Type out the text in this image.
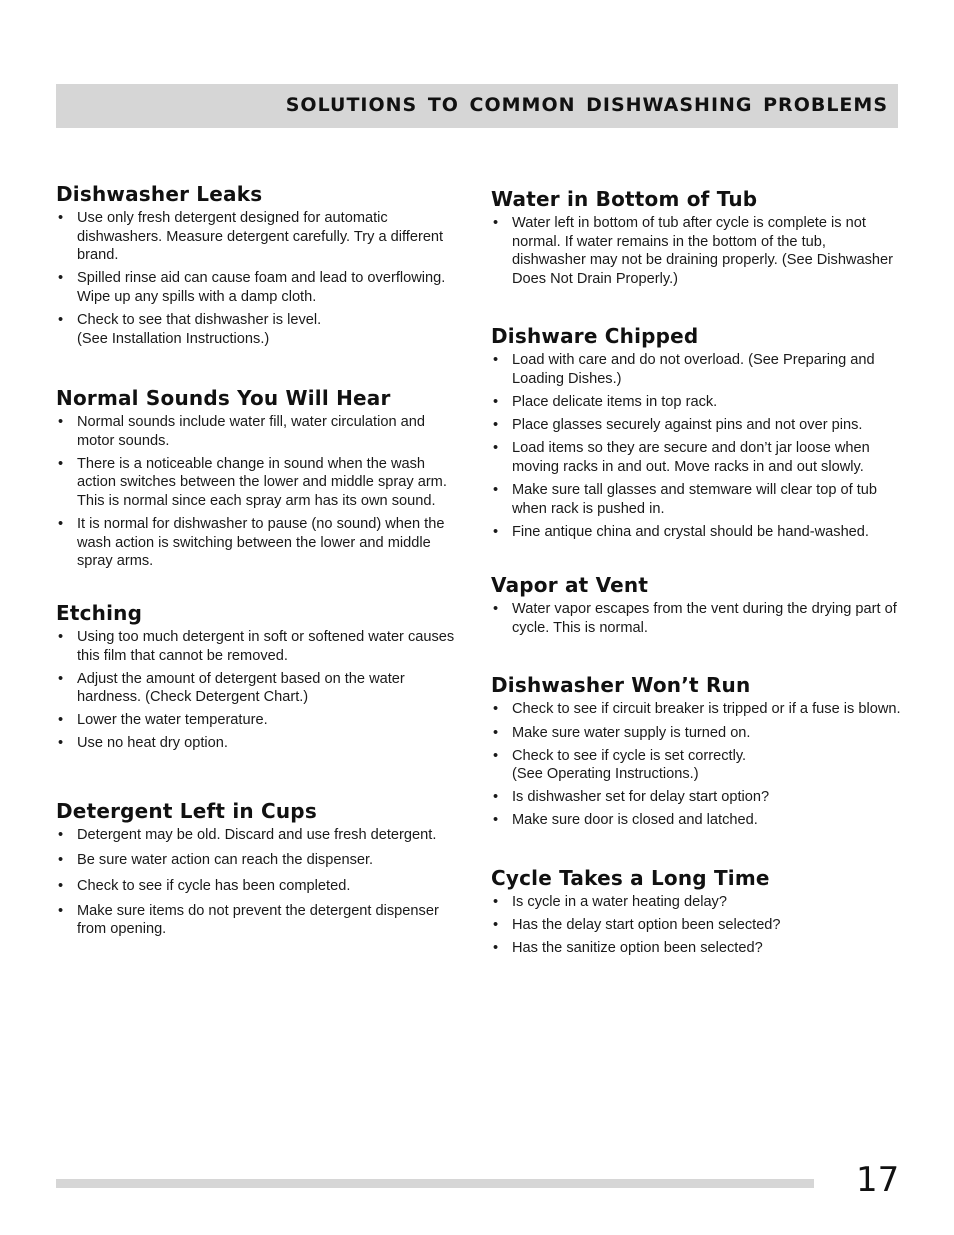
SOLUTIONS TO COMMON DISHWASHING PROBLEMS
Dishwasher Leaks
• Use only fresh detergent designed for automatic dishwashers. Measure detergent carefully. Try a different brand.
• Spilled rinse aid can cause foam and lead to overflowing. Wipe up any spills with a damp cloth.
• Check to see that dishwasher is level.
(See Installation Instructions.)
Normal Sounds You Will Hear
• Normal sounds include water fill, water circulation and motor sounds.
• There is a noticeable change in sound when the wash action switches between the lower and middle spray arm. This is normal since each spray arm has its own sound.
• It is normal for dishwasher to pause (no sound) when the wash action is switching between the lower and middle spray arms.
Etching
• Using too much detergent in soft or softened water causes this film that cannot be removed.
• Adjust the amount of detergent based on the water hardness. (Check Detergent Chart.)
• Lower the water temperature.
• Use no heat dry option.
Detergent Left in Cups
• Detergent may be old. Discard and use fresh detergent.
• Be sure water action can reach the dispenser.
• Check to see if cycle has been completed.
• Make sure items do not prevent the detergent dispenser from opening.
Water in Bottom of Tub
• Water left in bottom of tub after cycle is complete is not normal. If water remains in the bottom of the tub, dishwasher may not be draining properly. (See Dishwasher Does Not Drain Properly.)
Dishware Chipped
• Load with care and do not overload. (See Preparing and Loading Dishes.)
• Place delicate items in top rack.
• Place glasses securely against pins and not over pins.
• Load items so they are secure and don’t jar loose when moving racks in and out. Move racks in and out slowly.
• Make sure tall glasses and stemware will clear top of tub when rack is pushed in.
• Fine antique china and crystal should be hand-washed.
Vapor at Vent
• Water vapor escapes from the vent during the drying part of cycle. This is normal.
Dishwasher Won’t Run
• Check to see if circuit breaker is tripped or if a fuse is blown.
• Make sure water supply is turned on.
• Check to see if cycle is set correctly.
(See Operating Instructions.)
• Is dishwasher set for delay start option?
• Make sure door is closed and latched.
Cycle Takes a Long Time
• Is cycle in a water heating delay?
• Has the delay start option been selected?
• Has the sanitize option been selected?

17
